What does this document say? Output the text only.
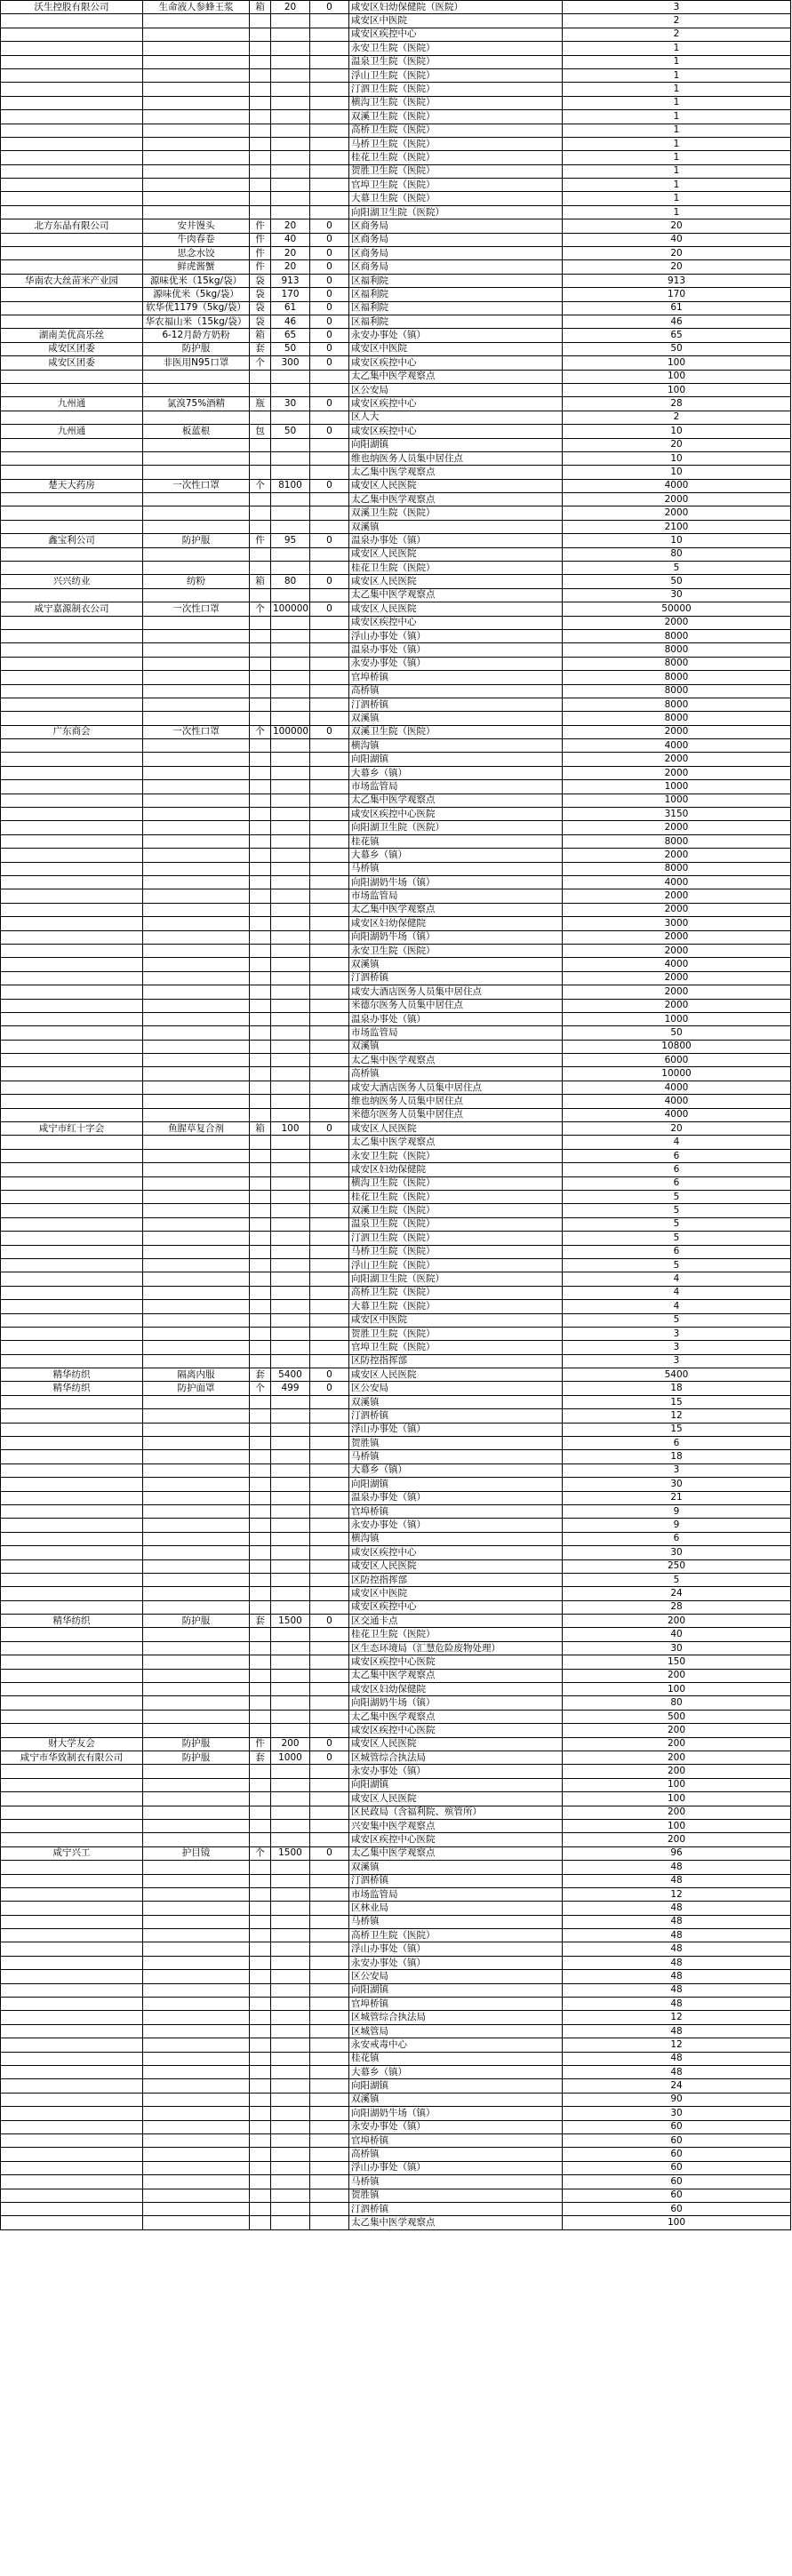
沃生控股有限公司	生命液人参蜂王浆	箱	20	0	咸安区妇幼保健院（医院）	3
					咸安区中医院	2
					咸安区疾控中心	2
					永安卫生院（医院）	1
					温泉卫生院（医院）	1
					浮山卫生院（医院）	1
					汀泗卫生院（医院）	1
					横沟卫生院（医院）	1
					双溪卫生院（医院）	1
					高桥卫生院（医院）	1
					马桥卫生院（医院）	1
					桂花卫生院（医院）	1
					贺胜卫生院（医院）	1
					官埠卫生院（医院）	1
					大幕卫生院（医院）	1
					向阳湖卫生院（医院）	1
北方东晶有限公司	安井馒头	件	20	0	区商务局	20
	牛肉春卷	件	40	0	区商务局	40
	思念水饺	件	20	0	区商务局	20
	鲜虎酱蟹	件	20	0	区商务局	20
华南农大丝苗米产业园	源味优米（15kg/袋）	袋	913	0	区福利院	913
	源味优米（5kg/袋）	袋	170	0	区福利院	170
	软华优1179（5kg/袋）	袋	61	0	区福利院	61
	华农福山米（15kg/袋）	袋	46	0	区福利院	46
湖南美优高乐丝	6-12月龄方奶粉	箱	65	0	永安办事处（镇）	65
咸安区团委	防护服	套	50	0	咸安区中医院	50
咸安区团委	非医用N95口罩	个	300	0	咸安区疾控中心	100
					太乙集中医学观察点	100
					区公安局	100
九州通	氯溴75%酒精	瓶	30	0	咸安区疾控中心	28
					区人大	2
九州通	板蓝根	包	50	0	咸安区疾控中心	10
					向阳湖镇	20
					维也纳医务人员集中居住点	10
					太乙集中医学观察点	10
楚天大药房	一次性口罩	个	8100	0	咸安区人民医院	4000
					太乙集中医学观察点	2000
					双溪卫生院（医院）	2000
					双溪镇	2100
鑫宝利公司	防护服	件	95	0	温泉办事处（镇）	10
					咸安区人民医院	80
					桂花卫生院（医院）	5
兴兴纺业	纺粉	箱	80	0	咸安区人民医院	50
					太乙集中医学观察点	30
咸宁嘉源制衣公司	一次性口罩	个	100000	0	咸安区人民医院	50000
					咸安区疾控中心	2000
					浮山办事处（镇）	8000
					温泉办事处（镇）	8000
					永安办事处（镇）	8000
					官埠桥镇	8000
					高桥镇	8000
					汀泗桥镇	8000
					双溪镇	8000
广东商会	一次性口罩	个	100000	0	双溪卫生院（医院）	2000
					横沟镇	4000
					向阳湖镇	2000
					大幕乡（镇）	2000
					市场监管局	1000
					太乙集中医学观察点	1000
					咸安区疾控中心医院	3150
					向阳湖卫生院（医院）	2000
					桂花镇	8000
					大幕乡（镇）	2000
					马桥镇	8000
					向阳湖奶牛场（镇）	4000
					市场监管局	2000
					太乙集中医学观察点	2000
					咸安区妇幼保健院	3000
					向阳湖奶牛场（镇）	2000
					永安卫生院（医院）	2000
					双溪镇	4000
					汀泗桥镇	2000
					咸安大酒店医务人员集中居住点	2000
					米德尔医务人员集中居住点	2000
					温泉办事处（镇）	1000
					市场监管局	50
					双溪镇	10800
					太乙集中医学观察点	6000
					高桥镇	10000
					咸安大酒店医务人员集中居住点	4000
					维也纳医务人员集中居住点	4000
					米德尔医务人员集中居住点	4000
咸宁市红十字会	鱼腥草复合剂	箱	100	0	咸安区人民医院	20
					太乙集中医学观察点	4
					永安卫生院（医院）	6
					咸安区妇幼保健院	6
					横沟卫生院（医院）	6
					桂花卫生院（医院）	5
					双溪卫生院（医院）	5
					温泉卫生院（医院）	5
					汀泗卫生院（医院）	5
					马桥卫生院（医院）	6
					浮山卫生院（医院）	5
					向阳湖卫生院（医院）	4
					高桥卫生院（医院）	4
					大幕卫生院（医院）	4
					咸安区中医院	5
					贺胜卫生院（医院）	3
					官埠卫生院（医院）	3
					区防控指挥部	3
精华纺织	隔离内服	套	5400	0	咸安区人民医院	5400
精华纺织	防护面罩	个	499	0	区公安局	18
					双溪镇	15
					汀泗桥镇	12
					浮山办事处（镇）	15
					贺胜镇	6
					马桥镇	18
					大幕乡（镇）	3
					向阳湖镇	30
					温泉办事处（镇）	21
					官埠桥镇	9
					永安办事处（镇）	9
					横沟镇	6
					咸安区疾控中心	30
					咸安区人民医院	250
					区防控指挥部	5
					咸安区中医院	24
					咸安区疾控中心	28
精华纺织	防护服	套	1500	0	区交通卡点	200
					桂花卫生院（医院）	40
					区生态环境局（汇慧危险废物处理）	30
					咸安区疾控中心医院	150
					太乙集中医学观察点	200
					咸安区妇幼保健院	100
					向阳湖奶牛场（镇）	80
					太乙集中医学观察点	500
					咸安区疾控中心医院	200
财大学友会	防护服	件	200	0	咸安区人民医院	200
咸宁市华致制衣有限公司	防护服	套	1000	0	区城管综合执法局	200
					永安办事处（镇）	200
					向阳湖镇	100
					咸安区人民医院	100
					区民政局（含福利院、殡管所）	200
					兴安集中医学观察点	100
					咸安区疾控中心医院	200
咸宁兴工	护目镜	个	1500	0	太乙集中医学观察点	96
					双溪镇	48
					汀泗桥镇	48
					市场监管局	12
					区林业局	48
					马桥镇	48
					高桥卫生院（医院）	48
					浮山办事处（镇）	48
					永安办事处（镇）	48
					区公安局	48
					向阳湖镇	48
					官埠桥镇	48
					区城管综合执法局	12
					区城管局	48
					永安戒毒中心	12
					桂花镇	48
					大幕乡（镇）	48
					向阳湖镇	24
					双溪镇	90
					向阳湖奶牛场（镇）	30
					永安办事处（镇）	60
					官埠桥镇	60
					高桥镇	60
					浮山办事处（镇）	60
					马桥镇	60
					贺胜镇	60
					汀泗桥镇	60
					太乙集中医学观察点	100
